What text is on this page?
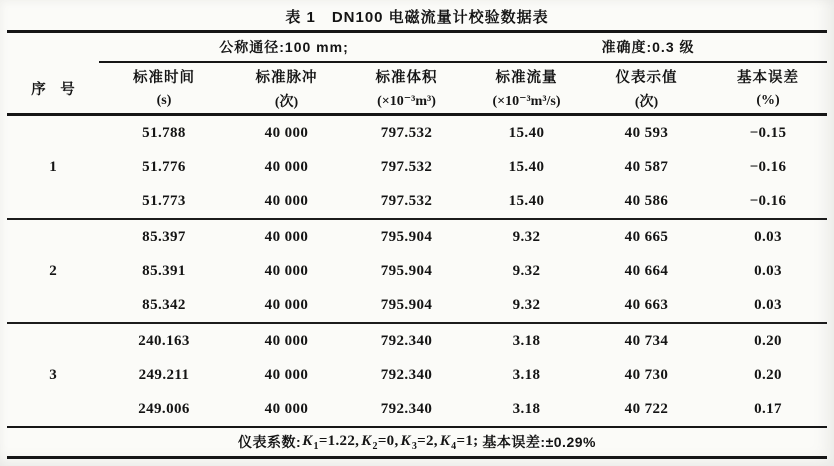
表 1　DN100 电磁流量计校验数据表
公称通径:100 mm;	准确度:0.3 级
序　号
标准时间	标准脉冲	标准体积	标准流量	仪表示值	基本误差
(s)	(次)	(×10⁻³m³)	(×10⁻³m³/s)	(次)	(%)
1
51.788	40 000	797.532	15.40	40 593	−0.15
51.776	40 000	797.532	15.40	40 587	−0.16
51.773	40 000	797.532	15.40	40 586	−0.16
2
85.397	40 000	795.904	9.32	40 665	0.03
85.391	40 000	795.904	9.32	40 664	0.03
85.342	40 000	795.904	9.32	40 663	0.03
3
240.163	40 000	792.340	3.18	40 734	0.20
249.211	40 000	792.340	3.18	40 730	0.20
249.006	40 000	792.340	3.18	40 722	0.17
仪表系数: $K_1=1.22$, $K_2=0$, $K_3=2$, $K_4=1$; 基本误差:±0.29%
